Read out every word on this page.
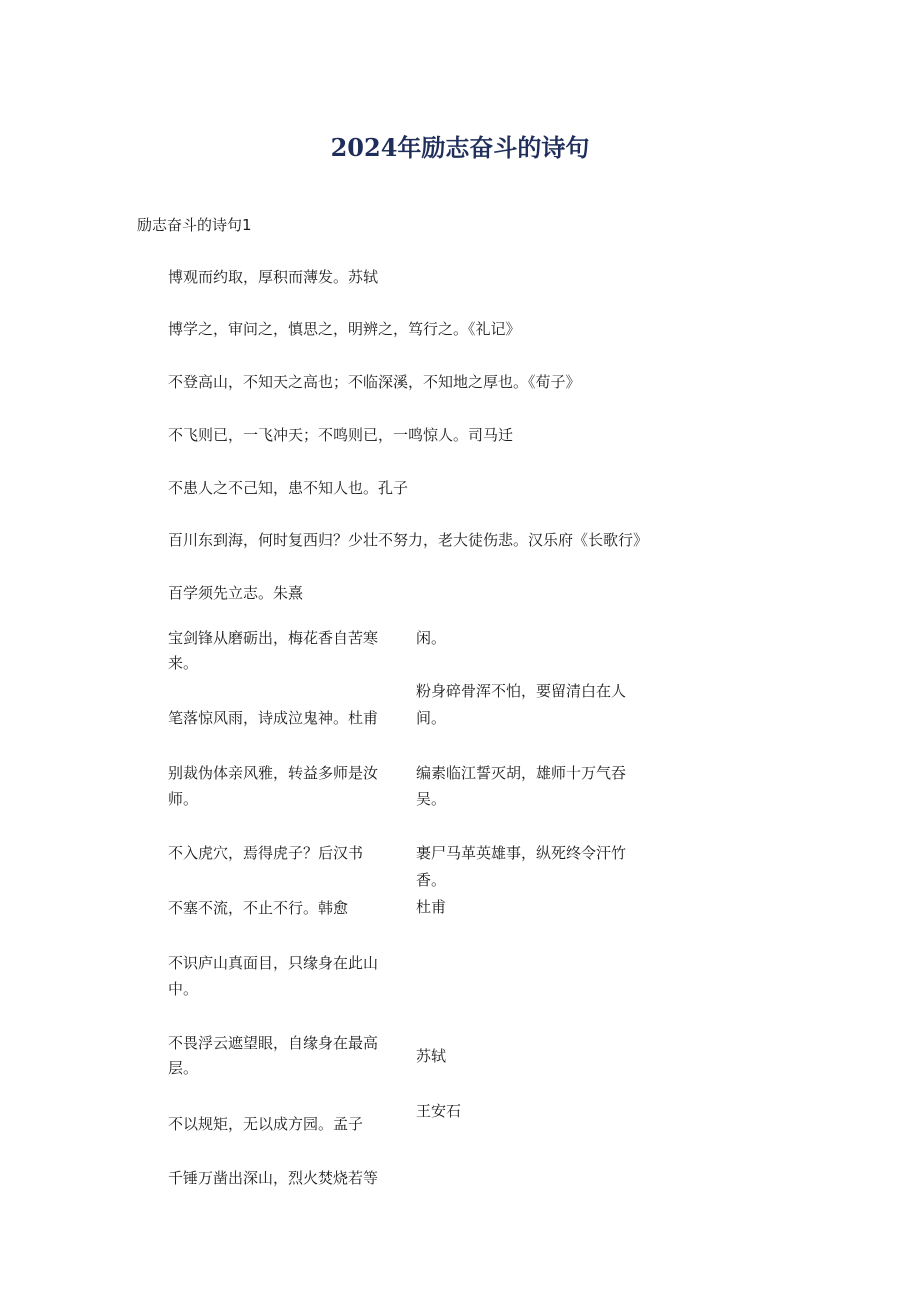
2024年励志奋斗的诗句
励志奋斗的诗句1
博观而约取，厚积而薄发。苏轼
博学之，审问之，慎思之，明辨之，笃行之。《礼记》
不登高山，不知天之高也；不临深溪，不知地之厚也。《荀子》
不飞则已，一飞冲天；不鸣则已，一鸣惊人。司马迁
不患人之不己知，患不知人也。孔子
百川东到海，何时复西归？少壮不努力，老大徒伤悲。汉乐府《长歌行》
百学须先立志。朱熹
宝剑锋从磨砺出，梅花香自苦寒
来。
笔落惊风雨，诗成泣鬼神。杜甫
别裁伪体亲风雅，转益多师是汝
师。
不入虎穴，焉得虎子？后汉书
不塞不流，不止不行。韩愈
不识庐山真面目，只缘身在此山
中。
不畏浮云遮望眼，自缘身在最高
层。
不以规矩，无以成方园。孟子
千锤万凿出深山，烈火焚烧若等
闲。
粉身碎骨浑不怕，要留清白在人
间。
编素临江誓灭胡，雄师十万气吞
吴。
裹尸马革英雄事，纵死终令汗竹
香。
杜甫
苏轼
王安石
